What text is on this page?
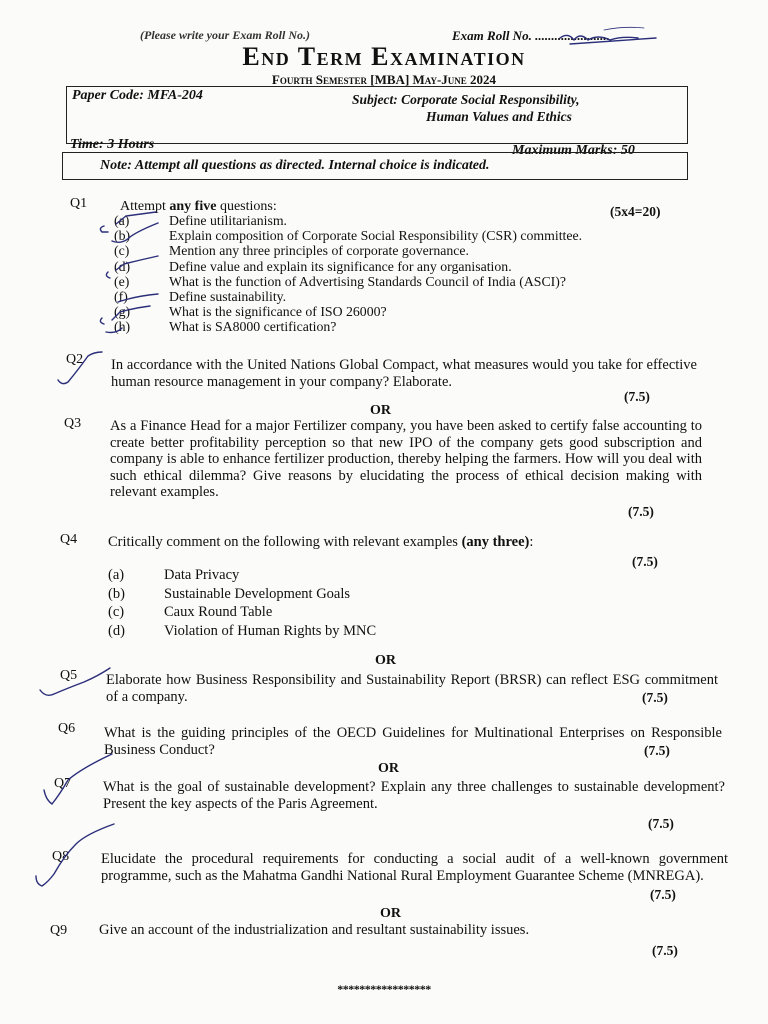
(Please write your Exam Roll No.)	Exam Roll No. .......................
End Term Examination
Fourth Semester [MBA] May-June 2024
Paper Code: MFA-204	Subject: Corporate Social Responsibility,
Human Values and Ethics
Time: 3 Hours	Maximum Marks: 50
Note: Attempt all questions as directed. Internal choice is indicated.
Q1 Attempt any five questions:	(5x4=20)
(a)	Define utilitarianism.
(b)	Explain composition of Corporate Social Responsibility (CSR) committee.
(c)	Mention any three principles of corporate governance.
(d)	Define value and explain its significance for any organisation.
(e)	What is the function of Advertising Standards Council of India (ASCI)?
(f)	Define sustainability.
(g)	What is the significance of ISO 26000?
(h)	What is SA8000 certification?
Q2 In accordance with the United Nations Global Compact, what measures would you take for effective human resource management in your company? Elaborate.
(7.5)
OR
Q3 As a Finance Head for a major Fertilizer company, you have been asked to certify false accounting to create better profitability perception so that new IPO of the company gets good subscription and company is able to enhance fertilizer production, thereby helping the farmers. How will you deal with such ethical dilemma? Give reasons by elucidating the process of ethical decision making with relevant examples.
(7.5)
Q4 Critically comment on the following with relevant examples (any three):
(7.5)
(a)	Data Privacy
(b)	Sustainable Development Goals
(c)	Caux Round Table
(d)	Violation of Human Rights by MNC
OR
Q5 Elaborate how Business Responsibility and Sustainability Report (BRSR) can reflect ESG commitment of a company.	(7.5)
Q6 What is the guiding principles of the OECD Guidelines for Multinational Enterprises on Responsible Business Conduct?	(7.5)
OR
Q7 What is the goal of sustainable development? Explain any three challenges to sustainable development? Present the key aspects of the Paris Agreement.
(7.5)
Q8 Elucidate the procedural requirements for conducting a social audit of a well-known government programme, such as the Mahatma Gandhi National Rural Employment Guarantee Scheme (MNREGA).
(7.5)
OR
Q9 Give an account of the industrialization and resultant sustainability issues.
(7.5)
*****************
